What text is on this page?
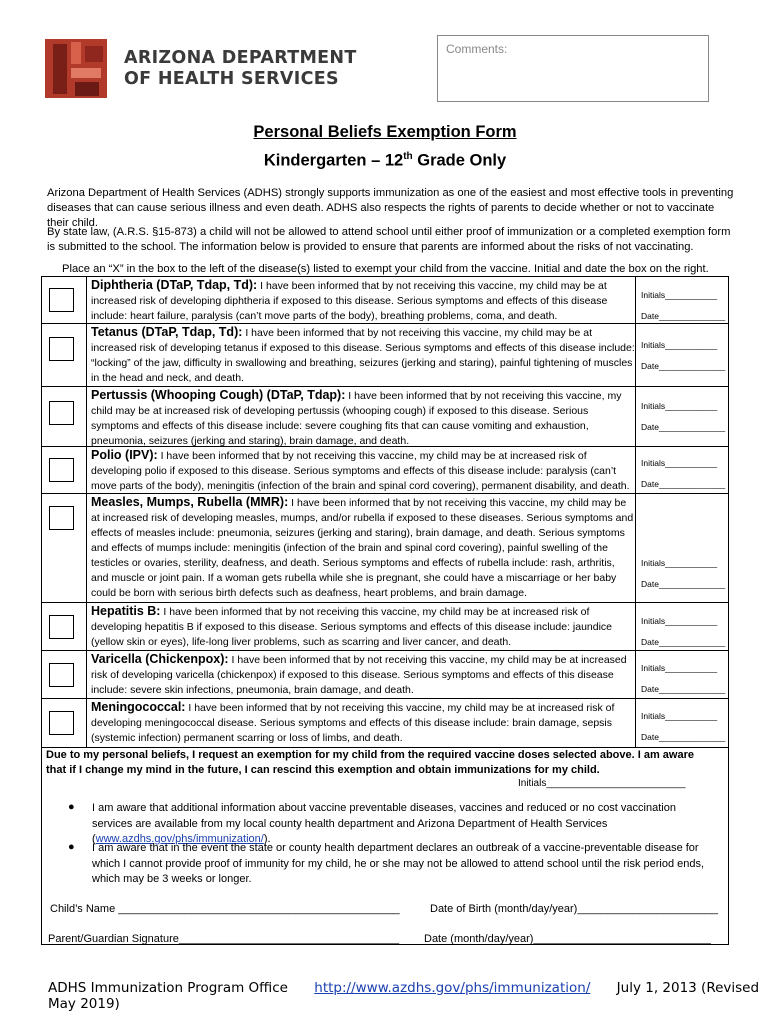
ARIZONA DEPARTMENT
OF HEALTH SERVICES
Comments:
Personal Beliefs Exemption Form
Kindergarten – 12th Grade Only
Arizona Department of Health Services (ADHS) strongly supports immunization as one of the easiest and most effective tools in preventing diseases that can cause serious illness and even death. ADHS also respects the rights of parents to decide whether or not to vaccinate their child.
By state law, (A.R.S. §15-873) a child will not be allowed to attend school until either proof of immunization or a completed exemption form is submitted to the school. The information below is provided to ensure that parents are informed about the risks of not vaccinating.
Place an “X” in the box to the left of the disease(s) listed to exempt your child from the vaccine. Initial and date the box on the right.
Diphtheria (DTaP, Tdap, Td): I have been informed that by not receiving this vaccine, my child may be at increased risk of developing diphtheria if exposed to this disease. Serious symptoms and effects of this disease include: heart failure, paralysis (can’t move parts of the body), breathing problems, coma, and death.
Initials___________
Date______________
Tetanus (DTaP, Tdap, Td): I have been informed that by not receiving this vaccine, my child may be at increased risk of developing tetanus if exposed to this disease. Serious symptoms and effects of this disease include: “locking” of the jaw, difficulty in swallowing and breathing, seizures (jerking and staring), painful tightening of muscles in the head and neck, and death.
Initials___________
Date______________
Pertussis (Whooping Cough) (DTaP, Tdap): I have been informed that by not receiving this vaccine, my child may be at increased risk of developing pertussis (whooping cough) if exposed to this disease. Serious symptoms and effects of this disease include: severe coughing fits that can cause vomiting and exhaustion, pneumonia, seizures (jerking and staring), brain damage, and death.
Initials___________
Date______________
Polio (IPV): I have been informed that by not receiving this vaccine, my child may be at increased risk of developing polio if exposed to this disease. Serious symptoms and effects of this disease include: paralysis (can’t move parts of the body), meningitis (infection of the brain and spinal cord covering), permanent disability, and death.
Initials___________
Date______________
Measles, Mumps, Rubella (MMR): I have been informed that by not receiving this vaccine, my child may be at increased risk of developing measles, mumps, and/or rubella if exposed to these diseases. Serious symptoms and effects of measles include: pneumonia, seizures (jerking and staring), brain damage, and death. Serious symptoms and effects of mumps include: meningitis (infection of the brain and spinal cord covering), painful swelling of the testicles or ovaries, sterility, deafness, and death. Serious symptoms and effects of rubella include: rash, arthritis, and muscle or joint pain. If a woman gets rubella while she is pregnant, she could have a miscarriage or her baby could be born with serious birth defects such as deafness, heart problems, and brain damage.
Initials___________
Date______________
Hepatitis B: I have been informed that by not receiving this vaccine, my child may be at increased risk of developing hepatitis B if exposed to this disease. Serious symptoms and effects of this disease include: jaundice (yellow skin or eyes), life-long liver problems, such as scarring and liver cancer, and death.
Initials___________
Date______________
Varicella (Chickenpox): I have been informed that by not receiving this vaccine, my child may be at increased risk of developing varicella (chickenpox) if exposed to this disease. Serious symptoms and effects of this disease include: severe skin infections, pneumonia, brain damage, and death.
Initials___________
Date______________
Meningococcal: I have been informed that by not receiving this vaccine, my child may be at increased risk of developing meningococcal disease. Serious symptoms and effects of this disease include: brain damage, sepsis (systemic infection) permanent scarring or loss of limbs, and death.
Initials___________
Date______________
Due to my personal beliefs, I request an exemption for my child from the required vaccine doses selected above. I am aware that if I change my mind in the future, I can rescind this exemption and obtain immunizations for my child.
Initials_________________________
● I am aware that additional information about vaccine preventable diseases, vaccines and reduced or no cost vaccination services are available from my local county health department and Arizona Department of Health Services (www.azdhs.gov/phs/immunization/).
● I am aware that in the event the state or county health department declares an outbreak of a vaccine-preventable disease for which I cannot provide proof of immunity for my child, he or she may not be allowed to attend school until the risk period ends, which may be 3 weeks or longer.
Child’s Name ______________________________________________	Date of Birth (month/day/year)_______________________
Parent/Guardian Signature____________________________________ Date (month/day/year)_____________________________
ADHS Immunization Program Office http://www.azdhs.gov/phs/immunization/ July 1, 2013 (Revised May 2019)
